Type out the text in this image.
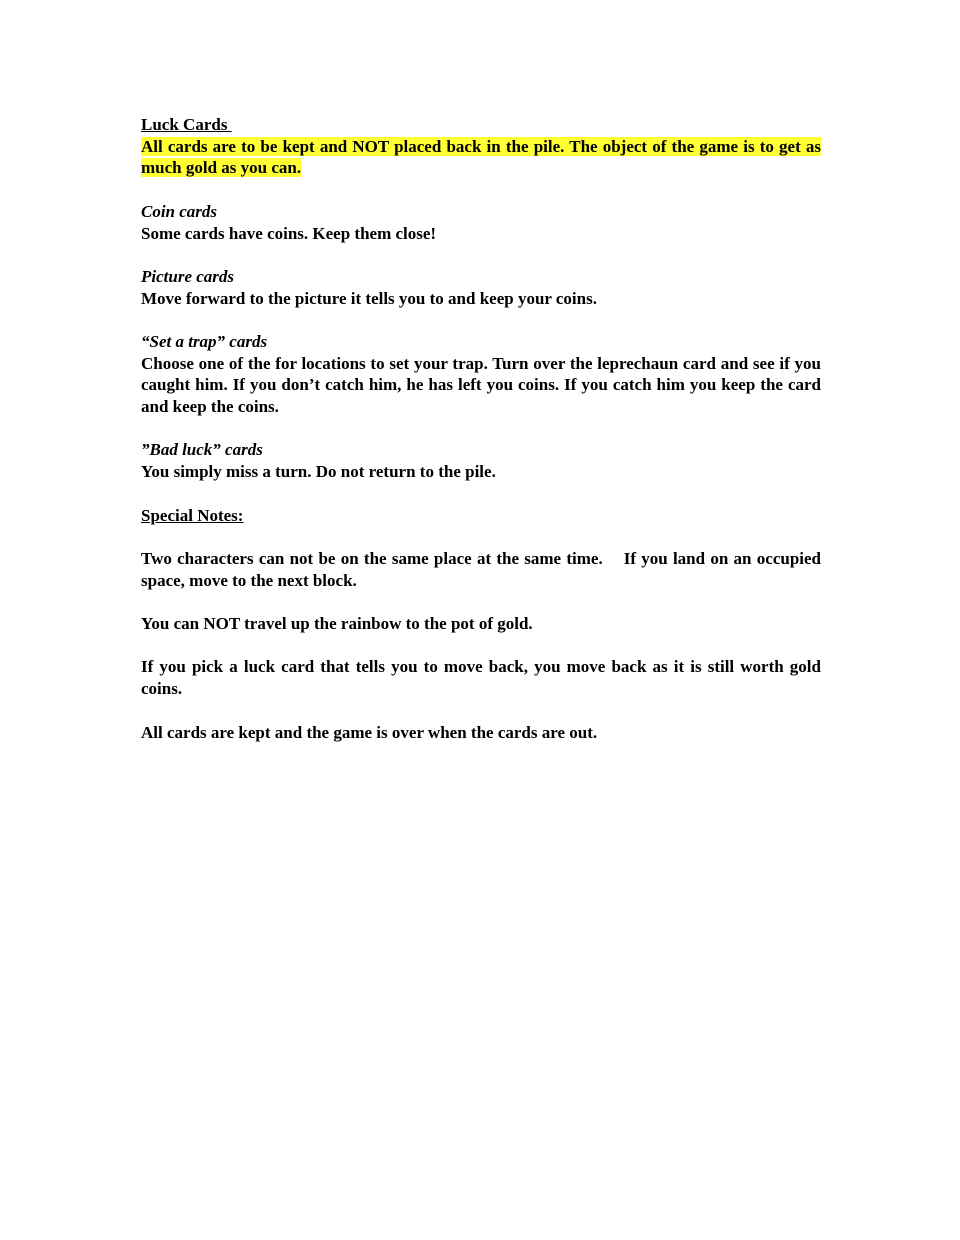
Luck Cards
All cards are to be kept and NOT placed back in the pile. The object of the game is to get as much gold as you can.
Coin cards
Some cards have coins. Keep them close!
Picture cards
Move forward to the picture it tells you to and keep your coins.
“Set a trap” cards
Choose one of the for locations to set your trap. Turn over the leprechaun card and see if you caught him. If you don’t catch him, he has left you coins. If you catch him you keep the card and keep the coins.
”Bad luck” cards
You simply miss a turn. Do not return to the pile.
Special Notes:
Two characters can not be on the same place at the same time.    If you land on an occupied space, move to the next block.
You can NOT travel up the rainbow to the pot of gold.
If you pick a luck card that tells you to move back, you move back as it is still worth gold coins.
All cards are kept and the game is over when the cards are out.
